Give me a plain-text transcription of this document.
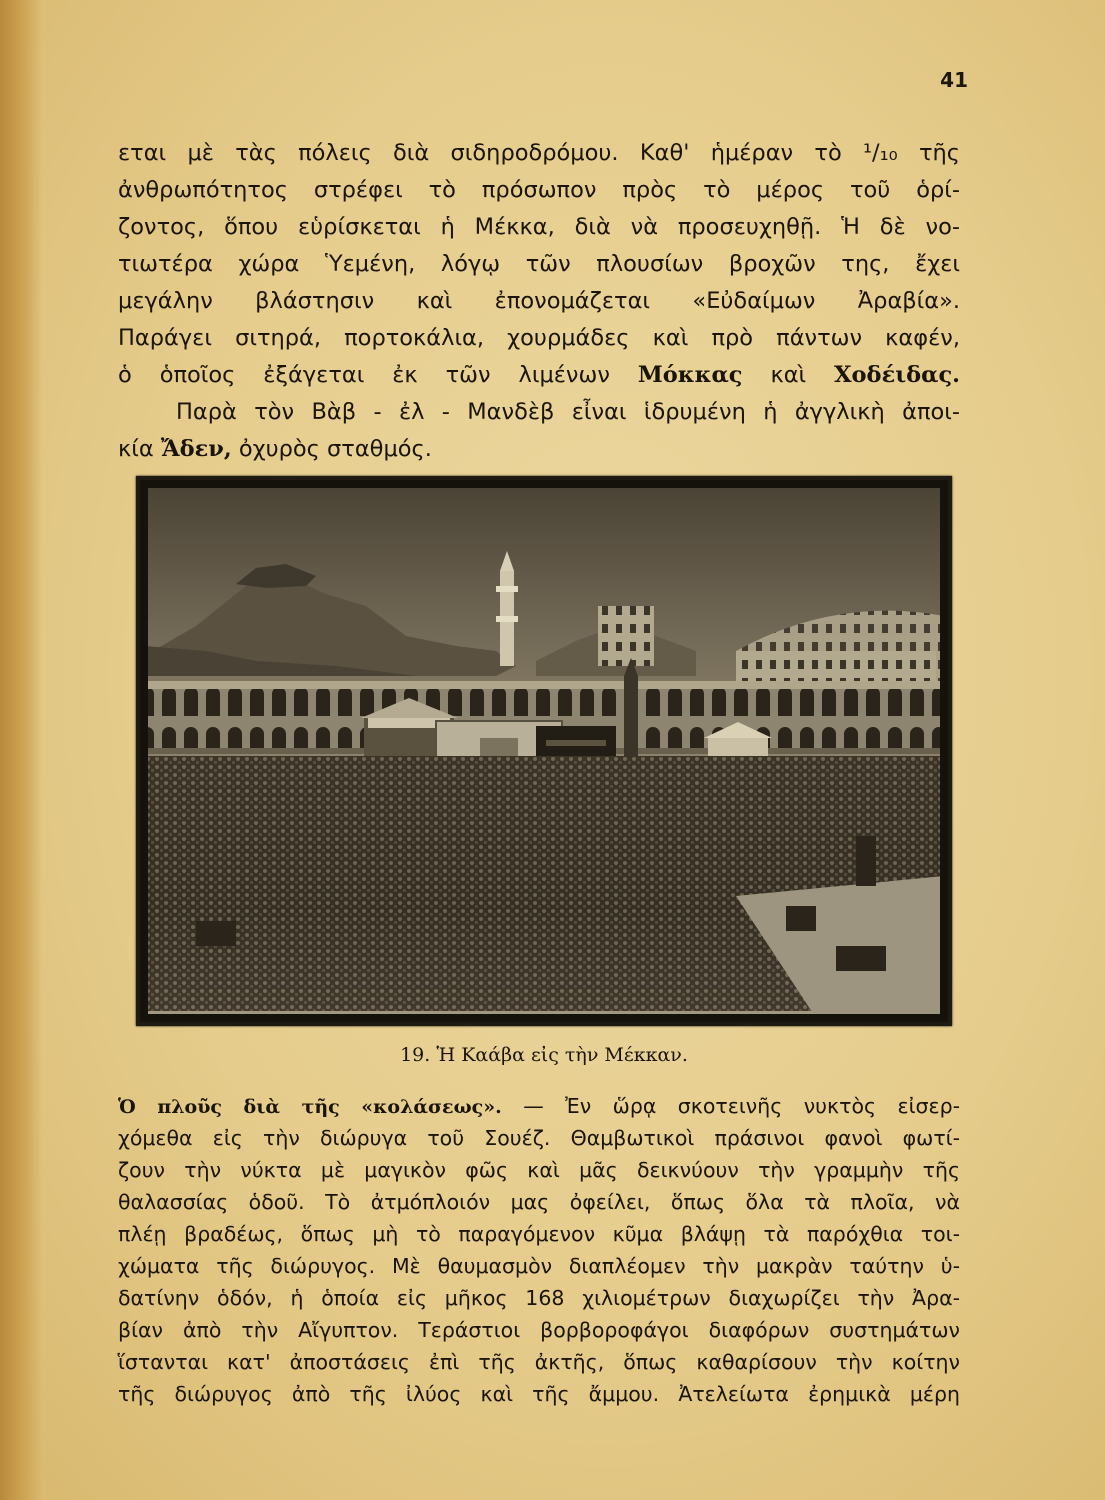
41
εται μὲ τὰς πόλεις διὰ σιδηροδρόμου. Καθ' ἡμέραν τὸ ¹/₁₀ τῆς
ἀνθρωπότητος στρέφει τὸ πρόσωπον πρὸς τὸ μέρος τοῦ ὁρί-
ζοντος, ὅπου εὑρίσκεται ἡ Μέκκα, διὰ νὰ προσευχηθῇ. Ἡ δὲ νο-
τιωτέρα χώρα Ὑεμένη, λόγῳ τῶν πλουσίων βροχῶν της, ἔχει
μεγάλην βλάστησιν καὶ ἐπονομάζεται «Εὐδαίμων Ἀραβία».
Παράγει σιτηρά, πορτοκάλια, χουρμάδες καὶ πρὸ πάντων καφέν,
ὁ ὁποῖος ἐξάγεται ἐκ τῶν λιμένων Μόκκας καὶ Χοδέιδας.
Παρὰ τὸν Βὰβ - ἐλ - Μανδὲβ εἶναι ἱδρυμένη ἡ ἀγγλικὴ ἀποι-
κία Ἄδεν, ὀχυρὸς σταθμός.
19. Ἡ Καάβα εἰς τὴν Μέκκαν.
Ὁ πλοῦς διὰ τῆς «κολάσεως». — Ἐν ὥρᾳ σκοτεινῆς νυκτὸς εἰσερ-
χόμεθα εἰς τὴν διώρυγα τοῦ Σουέζ. Θαμβωτικοὶ πράσινοι φανοὶ φωτί-
ζουν τὴν νύκτα μὲ μαγικὸν φῶς καὶ μᾶς δεικνύουν τὴν γραμμὴν τῆς
θαλασσίας ὁδοῦ. Τὸ ἀτμόπλοιόν μας ὀφείλει, ὅπως ὅλα τὰ πλοῖα, νὰ
πλέῃ βραδέως, ὅπως μὴ τὸ παραγόμενον κῦμα βλάψῃ τὰ παρόχθια τοι-
χώματα τῆς διώρυγος. Μὲ θαυμασμὸν διαπλέομεν τὴν μακρὰν ταύτην ὑ-
δατίνην ὁδόν, ἡ ὁποία εἰς μῆκος 168 χιλιομέτρων διαχωρίζει τὴν Ἀρα-
βίαν ἀπὸ τὴν Αἴγυπτον. Τεράστιοι βορβοροφάγοι διαφόρων συστημάτων
ἵστανται κατ' ἀποστάσεις ἐπὶ τῆς ἀκτῆς, ὅπως καθαρίσουν τὴν κοίτην
τῆς διώρυγος ἀπὸ τῆς ἰλύος καὶ τῆς ἄμμου. Ἀτελείωτα ἐρημικὰ μέρη
